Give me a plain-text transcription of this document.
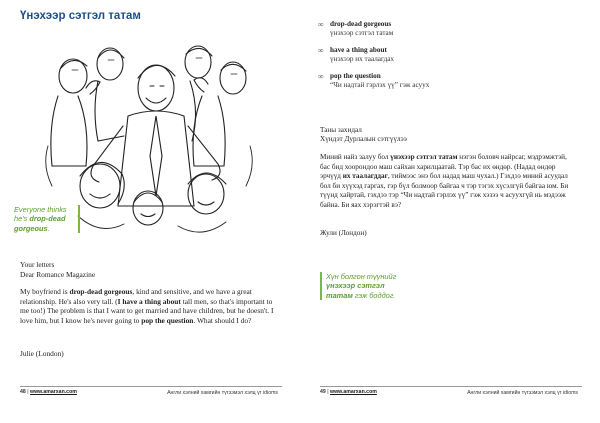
Үнэхээр сэтгэл татам
Everyone thinks he's drop-dead gorgeous.
Your letters
Dear Romance Magazine
My boyfriend is drop-dead gorgeous, kind and sensitive, and we have a great relationship. He's also very tall. (I have a thing about tall men, so that's important to me too!) The problem is that I want to get married and have children, but he doesn't. I love him, but I know he's never going to pop the question. What should I do?
Julie (London)
48 | www.amarxan.com	Англи хэлний хамгийн түгээмэл хэлц үг idioms
∞ drop-dead gorgeous
үнэхээр сэтгэл татам
∞ have a thing about
үнэхээр их таалагдах
∞ pop the question
“Чи надтай гэрлэх үү” гэж асуух
Таны захидал
Хүндэт Дурлалын сэтгүүлээ
Миний найз залуу бол үнэхээр сэтгэл татам нэгэн боловч найрсаг, мэдрэмжтэй, бас бид хоорондоо маш сайхан харилцаатай. Тэр бас их өндөр. (Надад өндөр эрчүүд их таалагддаг, тиймээс энэ бол надад маш чухал.) Гэхдээ миний асуудал бол би хүүхэд гаргах, гэр бүл болмоор байгаа ч тэр тэгэх хүсэлгүй байгаа юм. Би түүнд хайртай, гэхдээ тэр “Чи надтай гэрлэх үү” гэж хэзээ ч асуухгүй нь мэдээж байна. Би яах хэрэгтэй вэ?
Жули (Лондон)
Хүн болгон түүнийг үнэхээр сэтгэл татам гэж боддог.
49 | www.amarxan.com	Англи хэлний хамгийн түгээмэл хэлц үг idioms
